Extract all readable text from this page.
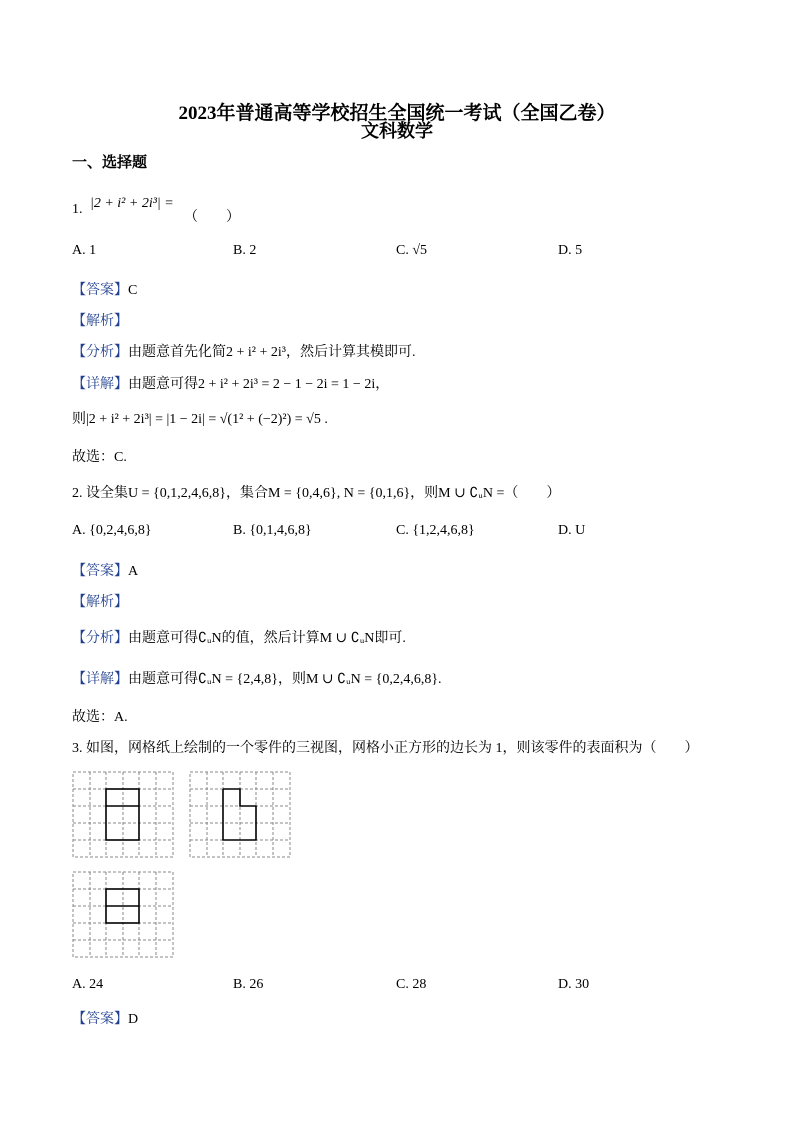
2023年普通高等学校招生全国统一考试（全国乙卷）
文科数学
一、选择题
1. |2 + i² + 2i³| =
（　　）
A. 1	B. 2	C. √5	D. 5
【答案】C
【解析】
【分析】由题意首先化简2 + i² + 2i³，然后计算其模即可.
【详解】由题意可得2 + i² + 2i³ = 2 − 1 − 2i = 1 − 2i，
则|2 + i² + 2i³| = |1 − 2i| = √(1² + (−2)²) = √5 .
故选：C.
2. 设全集U = {0,1,2,4,6,8}，集合M = {0,4,6}, N = {0,1,6}，则M ∪ ∁ᵤN =（　　）
A. {0,2,4,6,8}	B. {0,1,4,6,8}	C. {1,2,4,6,8}	D. U
【答案】A
【解析】
【分析】由题意可得∁ᵤN的值，然后计算M ∪ ∁ᵤN即可.
【详解】由题意可得∁ᵤN = {2,4,8}，则M ∪ ∁ᵤN = {0,2,4,6,8}.
故选：A.
3. 如图，网格纸上绘制的一个零件的三视图，网格小正方形的边长为 1，则该零件的表面积为（　　）
A. 24	B. 26	C. 28	D. 30
【答案】D
